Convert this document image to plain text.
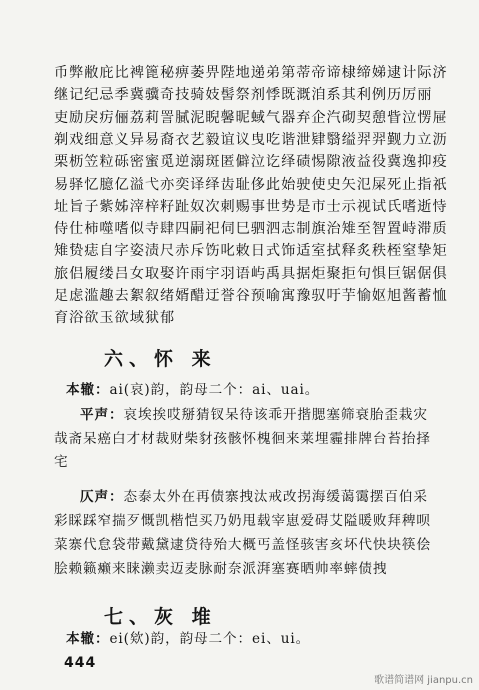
币弊敝庇比裨篦秘痹萎畀陛地递弟第蒂帝谛棣缔娣逮计际济
继记纪忌季冀骥奇技骑妓髻祭剂悸既溉洎系其利例历厉丽
吏励戾疠俪荔莉詈膩泥睨馨昵蜮气器弃企汽砌契憩眥泣愣屉
剃戏细意义异易裔衣艺毅谊议曳吃谐泄肄翳缢羿羿觐力立沥
栗枥笠粒砾密蜜觅逆溺斑匿僻泣讫绎碛惕隙液益役冀逸抑疫
易驿忆臆亿溢弋亦奕译绎齿耻侈此始驶使史矢氾屎死止指祇
址旨子紫姊滓梓籽趾奴次刺赐事世势是市士示视试氏嗜逝恃
侍仕柿噬嗜似寺肆四嗣祀伺巳驷泗志制旗治雉至智置峙滞质
雉贽痣自字姿渍尺赤斥饬叱敕日式饰适室拭释炙秩桎窒挚矩
旅侣履缕吕女取娶许雨宇羽语屿禹具据炬聚拒句惧巨锯倨俱
足虑滥趣去絮叙绪婿醋迂誉谷预喻寓豫驭吁芋愉妪旭酱蓄恤
育浴欲玉欲域狱郁
六、怀 来
本辙：ai(哀)韵，韵母二个：ai、uai。
平声：哀埃挨哎掰猜钗呆待该乖开揩腮塞筛衰胎歪栽灾
哉斋呆癌白才材裁财柴豺孩骸怀槐徊来莱埋霾排牌台苔抬择
宅
仄声：态泰太外在再债寨拽汰戒改拐海缓蔼霭摆百伯采
彩睬踩窄揣歹慨凯楷恺买乃奶甩载宰崽爱碍艾隘暖败拜稗呗
菜寨代怠袋带戴黛逮贷待殆大概丐盖怪骇害亥坏代快块筷侩
脍赖籁癞来睐濑卖迈麦脉耐奈派湃塞赛晒帅率蟀债拽
七、灰 堆
本辙：ei(欸)韵，韵母二个：ei、ui。
444
歌谱简谱网 jianpu.cn
